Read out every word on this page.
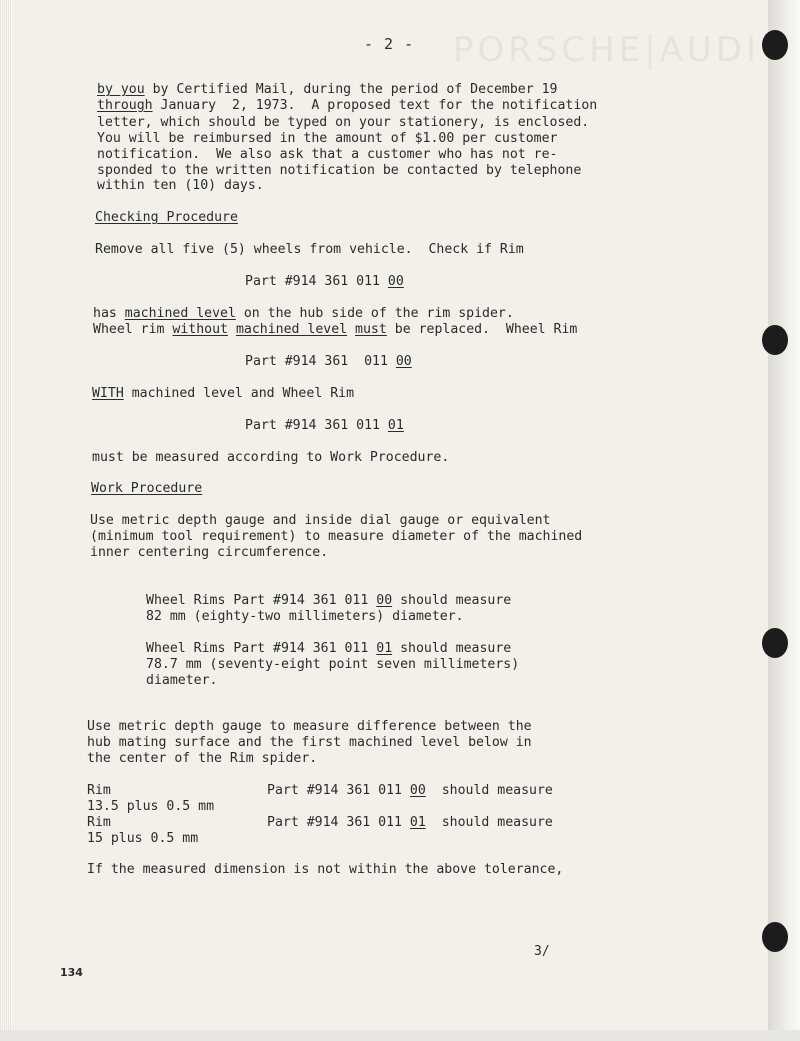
PORSCHE|AUDI
- 2 -
by you by Certified Mail, during the period of December 19
through January  2, 1973.  A proposed text for the notification
letter, which should be typed on your stationery, is enclosed.
You will be reimbursed in the amount of $1.00 per customer
notification.  We also ask that a customer who has not re-
sponded to the written notification be contacted by telephone
within ten (10) days.
Checking Procedure
Remove all five (5) wheels from vehicle.  Check if Rim
Part #914 361 011 00
has machined level on the hub side of the rim spider.
Wheel rim without machined level must be replaced.  Wheel Rim
Part #914 361  011 00
WITH machined level and Wheel Rim
Part #914 361 011 01
must be measured according to Work Procedure.
Work Procedure
Use metric depth gauge and inside dial gauge or equivalent
(minimum tool requirement) to measure diameter of the machined
inner centering circumference.
Wheel Rims Part #914 361 011 00 should measure
82 mm (eighty-two millimeters) diameter.
Wheel Rims Part #914 361 011 01 should measure
78.7 mm (seventy-eight point seven millimeters)
diameter.
Use metric depth gauge to measure difference between the
hub mating surface and the first machined level below in
the center of the Rim spider.
Rim	Part #914 361 011 00  should measure
13.5 plus 0.5 mm
Rim	Part #914 361 011 01  should measure
15 plus 0.5 mm
If the measured dimension is not within the above tolerance,
3/
134
